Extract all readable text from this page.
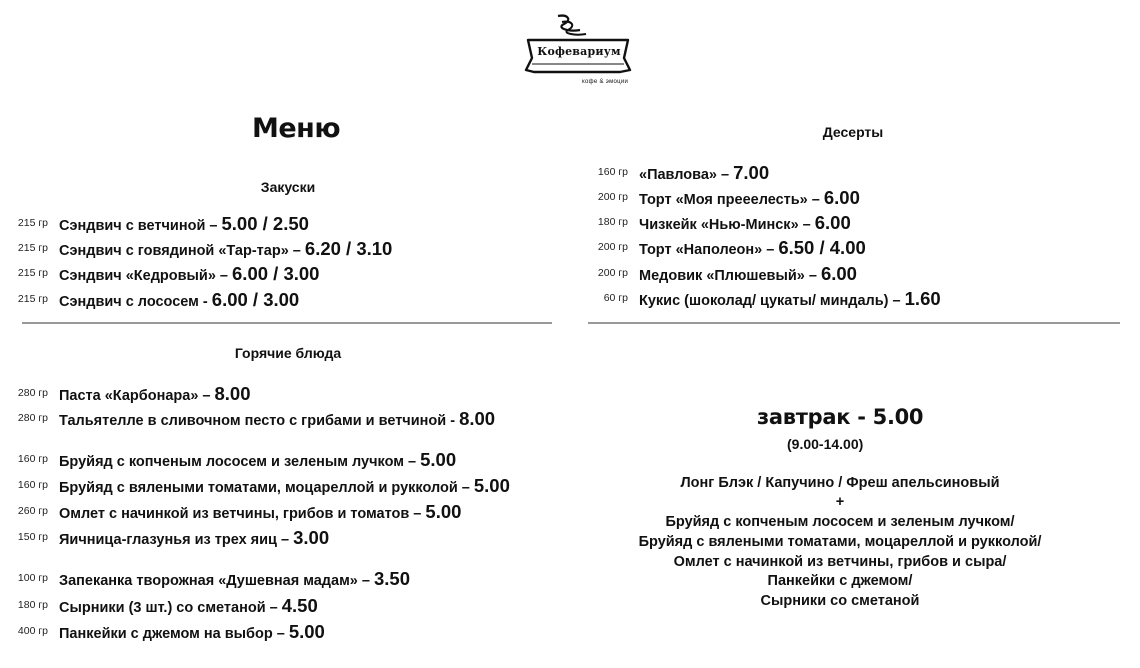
Кофевариум
кофе & эмоции
Меню
Закуски
215 гр Сэндвич с ветчиной – 5.00 / 2.50
215 гр Сэндвич с говядиной «Тар-тар» – 6.20 / 3.10
215 гр Сэндвич «Кедровый» – 6.00 / 3.00
215 гр Сэндвич с лососем - 6.00 / 3.00
Горячие блюда
280 гр Паста «Карбонара» – 8.00
280 гр Тальятелле в сливочном песто с грибами и ветчиной - 8.00
160 гр Бруйяд с копченым лососем и зеленым лучком – 5.00
160 гр Бруйяд с вялеными томатами, моцареллой и рукколой – 5.00
260 гр Омлет с начинкой из ветчины, грибов и томатов – 5.00
150 гр Яичница-глазунья из трех яиц – 3.00
100 гр Запеканка творожная «Душевная мадам» – 3.50
180 гр Сырники (3 шт.) со сметаной – 4.50
400 гр Панкейки с джемом на выбор – 5.00
Десерты
160 гр «Павлова» – 7.00
200 гр Торт «Моя прееелесть» – 6.00
180 гр Чизкейк «Нью-Минск» – 6.00
200 гр Торт «Наполеон» – 6.50 / 4.00
200 гр Медовик «Плюшевый» – 6.00
60 гр Кукис (шоколад/ цукаты/ миндаль) – 1.60
завтрак - 5.00
(9.00-14.00)
Лонг Блэк / Капучино / Фреш апельсиновый
+
Бруйяд с копченым лососем и зеленым лучком/
Бруйяд с вялеными томатами, моцареллой и рукколой/
Омлет с начинкой из ветчины, грибов и сыра/
Панкейки с джемом/
Сырники со сметаной
